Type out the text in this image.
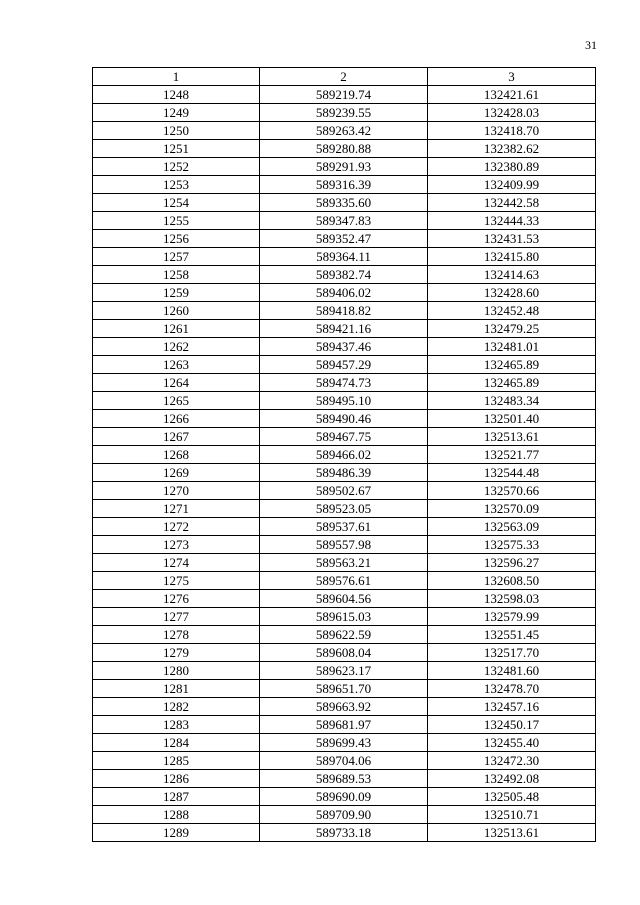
31
1	2	3
1248	589219.74	132421.61
1249	589239.55	132428.03
1250	589263.42	132418.70
1251	589280.88	132382.62
1252	589291.93	132380.89
1253	589316.39	132409.99
1254	589335.60	132442.58
1255	589347.83	132444.33
1256	589352.47	132431.53
1257	589364.11	132415.80
1258	589382.74	132414.63
1259	589406.02	132428.60
1260	589418.82	132452.48
1261	589421.16	132479.25
1262	589437.46	132481.01
1263	589457.29	132465.89
1264	589474.73	132465.89
1265	589495.10	132483.34
1266	589490.46	132501.40
1267	589467.75	132513.61
1268	589466.02	132521.77
1269	589486.39	132544.48
1270	589502.67	132570.66
1271	589523.05	132570.09
1272	589537.61	132563.09
1273	589557.98	132575.33
1274	589563.21	132596.27
1275	589576.61	132608.50
1276	589604.56	132598.03
1277	589615.03	132579.99
1278	589622.59	132551.45
1279	589608.04	132517.70
1280	589623.17	132481.60
1281	589651.70	132478.70
1282	589663.92	132457.16
1283	589681.97	132450.17
1284	589699.43	132455.40
1285	589704.06	132472.30
1286	589689.53	132492.08
1287	589690.09	132505.48
1288	589709.90	132510.71
1289	589733.18	132513.61
